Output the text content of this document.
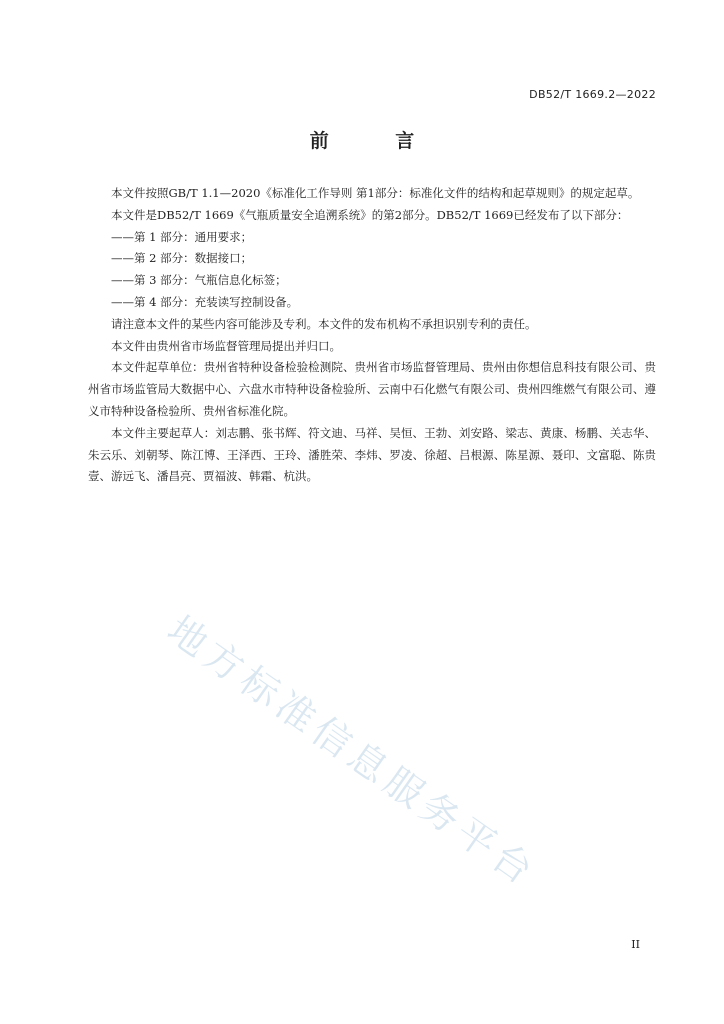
DB52/T 1669.2—2022
前 言

本文件按照GB/T 1.1—2020《标准化工作导则 第1部分：标准化文件的结构和起草规则》的规定起草。

本文件是DB52/T 1669《气瓶质量安全追溯系统》的第2部分。DB52/T 1669已经发布了以下部分：

——第 1 部分：通用要求；

——第 2 部分：数据接口；

——第 3 部分：气瓶信息化标签；

——第 4 部分：充装读写控制设备。

请注意本文件的某些内容可能涉及专利。本文件的发布机构不承担识别专利的责任。

本文件由贵州省市场监督管理局提出并归口。

本文件起草单位：贵州省特种设备检验检测院、贵州省市场监督管理局、贵州由你想信息科技有限公司、贵州省市场监管局大数据中心、六盘水市特种设备检验所、云南中石化燃气有限公司、贵州四维燃气有限公司、遵义市特种设备检验所、贵州省标准化院。

本文件主要起草人：刘志鹏、张书辉、符文迪、马祥、吴恒、王勃、刘安路、梁志、黄康、杨鹏、关志华、朱云乐、刘朝琴、陈江博、王泽西、王玲、潘胜荣、李炜、罗凌、徐超、吕根源、陈星源、聂印、文富聪、陈贵壹、游远飞、潘昌亮、贾福波、韩霜、杭洪。

地方标准信息服务平台
II
